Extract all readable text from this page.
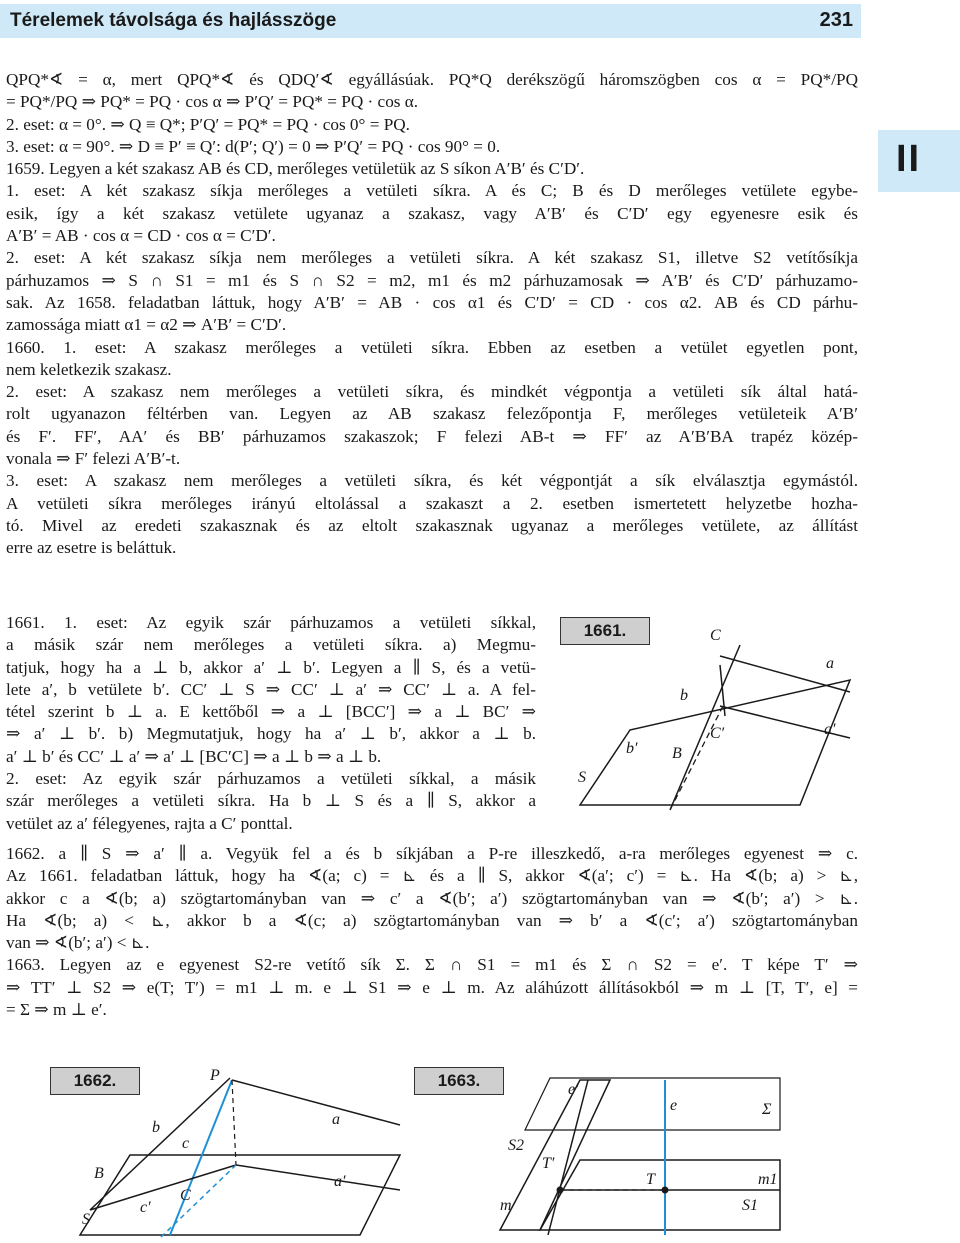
Térelemek távolsága és hajlásszöge	231
II
QPQ*∢ = α, mert QPQ*∢ és QDQ′∢ egyállásúak. PQ*Q derékszögű háromszögben cos α = PQ*/PQ
= PQ*/PQ ⇒ PQ* = PQ · cos α ⇒ P′Q′ = PQ* = PQ · cos α.
2. eset: α = 0°. ⇒ Q ≡ Q*; P′Q′ = PQ* = PQ · cos 0° = PQ.
3. eset: α = 90°. ⇒ D ≡ P′ ≡ Q′: d(P′; Q′) = 0 ⇒ P′Q′ = PQ · cos 90° = 0.
1659. Legyen a két szakasz AB és CD, merőleges vetületük az S síkon A′B′ és C′D′.
1. eset: A két szakasz síkja merőleges a vetületi síkra. A és C; B és D merőleges vetülete egybe-
esik, így a két szakasz vetülete ugyanaz a szakasz, vagy A′B′ és C′D′ egy egyenesre esik és
A′B′ = AB · cos α = CD · cos α = C′D′.
2. eset: A két szakasz síkja nem merőleges a vetületi síkra. A két szakasz S1, illetve S2 vetítősíkja
párhuzamos ⇒ S ∩ S1 = m1 és S ∩ S2 = m2, m1 és m2 párhuzamosak ⇒ A′B′ és C′D′ párhuzamo-
sak. Az 1658. feladatban láttuk, hogy A′B′ = AB · cos α1 és C′D′ = CD · cos α2. AB és CD párhu-
zamossága miatt α1 = α2 ⇒ A′B′ = C′D′.
1660. 1. eset: A szakasz merőleges a vetületi síkra. Ebben az esetben a vetület egyetlen pont,
nem keletkezik szakasz.
2. eset: A szakasz nem merőleges a vetületi síkra, és mindkét végpontja a vetületi sík által hatá-
rolt ugyanazon féltérben van. Legyen az AB szakasz felezőpontja F, merőleges vetületeik A′B′
és F′. FF′, AA′ és BB′ párhuzamos szakaszok; F felezi AB-t ⇒ FF′ az A′B′BA trapéz közép-
vonala ⇒ F′ felezi A′B′-t.
3. eset: A szakasz nem merőleges a vetületi síkra, és két végpontját a sík elválasztja egymástól.
A vetületi síkra merőleges irányú eltolással a szakaszt a 2. esetben ismertetett helyzetbe hozha-
tó. Mivel az eredeti szakasznak és az eltolt szakasznak ugyanaz a merőleges vetülete, az állítást
erre az esetre is beláttuk.
1661. 1. eset: Az egyik szár párhuzamos a vetületi síkkal,
a másik szár nem merőleges a vetületi síkra. a) Megmu-
tatjuk, hogy ha a ⊥ b, akkor a′ ⊥ b′. Legyen a ∥ S, és a vetü-
lete a′, b vetülete b′. CC′ ⊥ S ⇒ CC′ ⊥ a′ ⇒ CC′ ⊥ a. A fel-
tétel szerint b ⊥ a. E kettőből ⇒ a ⊥ [BCC′] ⇒ a ⊥ BC′ ⇒
⇒ a′ ⊥ b′. b) Megmutatjuk, hogy ha a′ ⊥ b′, akkor a ⊥ b.
a′ ⊥ b′ és CC′ ⊥ a′ ⇒ a′ ⊥ [BC′C] ⇒ a ⊥ b ⇒ a ⊥ b.
2. eset: Az egyik szár párhuzamos a vetületi síkkal, a másik
szár merőleges a vetületi síkra. Ha b ⊥ S és a ∥ S, akkor a
vetület az a′ félegyenes, rajta a C′ ponttal.
1661.	C
a
b
C′	a′
b′ B
S
1662. a ∥ S ⇒ a′ ∥ a. Vegyük fel a és b síkjában a P-re illeszkedő, a-ra merőleges egyenest ⇒ c.
Az 1661. feladatban láttuk, hogy ha ∢(a; c) = ⊾ és a ∥ S, akkor ∢(a′; c′) = ⊾. Ha ∢(b; a) > ⊾,
akkor c a ∢(b; a) szögtartományban van ⇒ c′ a ∢(b′; a′) szögtartományban van ⇒ ∢(b′; a′) > ⊾.
Ha ∢(b; a) < ⊾, akkor b a ∢(c; a) szögtartományban van ⇒ b′ a ∢(c′; a′) szögtartományban
van ⇒ ∢(b′; a′) < ⊾.
1663. Legyen az e egyenest S2-re vetítő sík Σ. Σ ∩ S1 = m1 és Σ ∩ S2 = e′. T képe T′ ⇒
⇒ TT′ ⊥ S2 ⇒ e(T; T′) = m1 ⊥ m. e ⊥ S1 ⇒ e ⊥ m. Az aláhúzott állításokból ⇒ m ⊥ [T, T′, e] =
= Σ ⇒ m ⊥ e′.
1662.	1663.
P
a
b
c
B	a′
c′
C
S
e′
e	Σ
S2
T′
m
T	m1
S1
